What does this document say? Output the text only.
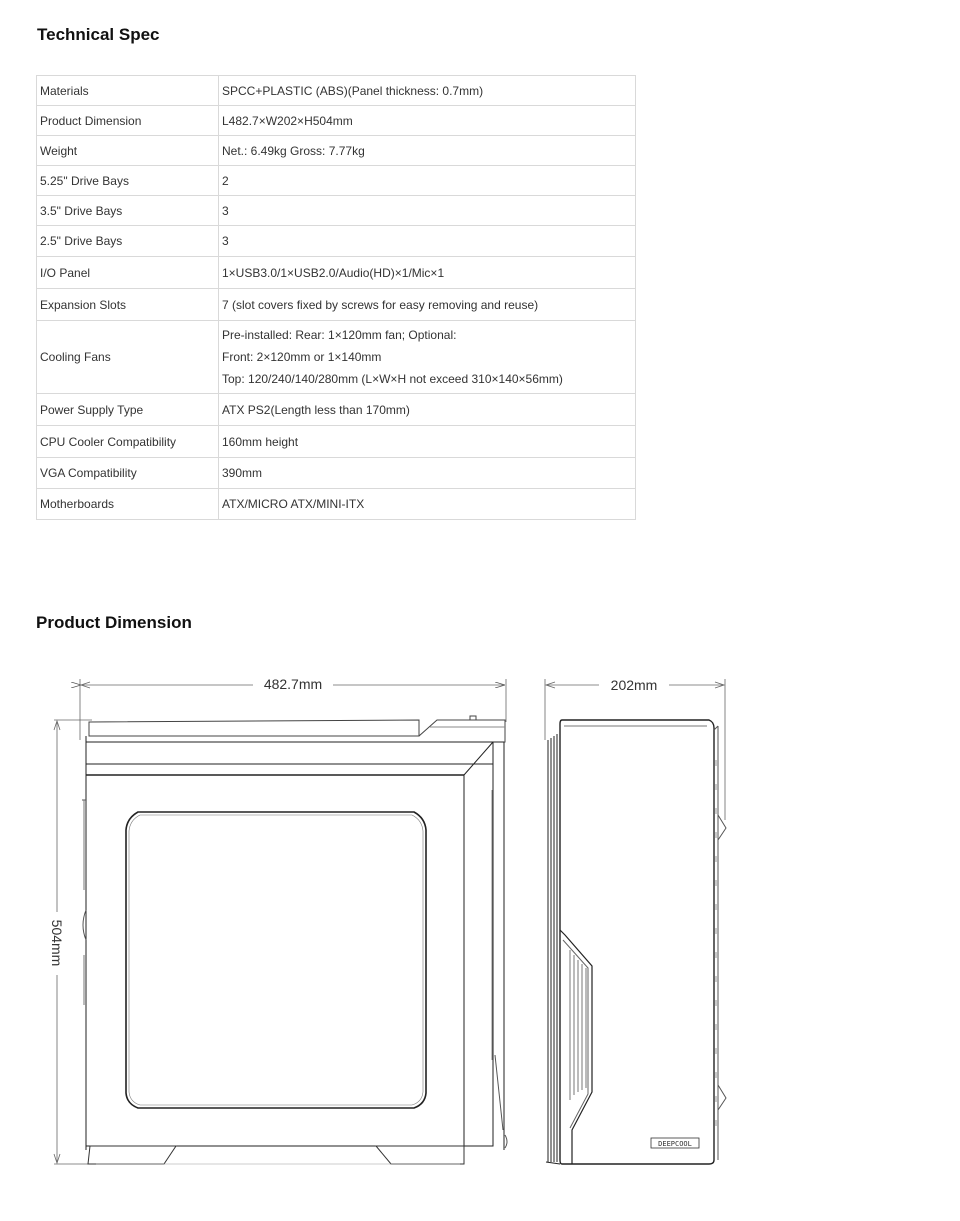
Technical Spec
Materials	SPCC+PLASTIC (ABS)(Panel thickness: 0.7mm)

Product Dimension	L482.7×W202×H504mm

Weight	Net.: 6.49kg Gross: 7.77kg

5.25" Drive Bays	2

3.5" Drive Bays	3

2.5" Drive Bays	3

I/O Panel	1×USB3.0/1×USB2.0/Audio(HD)×1/Mic×1

Expansion Slots	7 (slot covers fixed by screws for easy removing and reuse)

Cooling Fans	Pre-installed: Rear: 1×120mm fan; Optional:
Front: 2×120mm or 1×140mm
Top: 120/240/140/280mm (L×W×H not exceed 310×140×56mm)

Power Supply Type	ATX PS2(Length less than 170mm)

CPU Cooler Compatibility	160mm height

VGA Compatibility	390mm

Motherboards	ATX/MICRO ATX/MINI-ITX
Product Dimension
482.7mm
504mm
202mm
DEEPCOOL
